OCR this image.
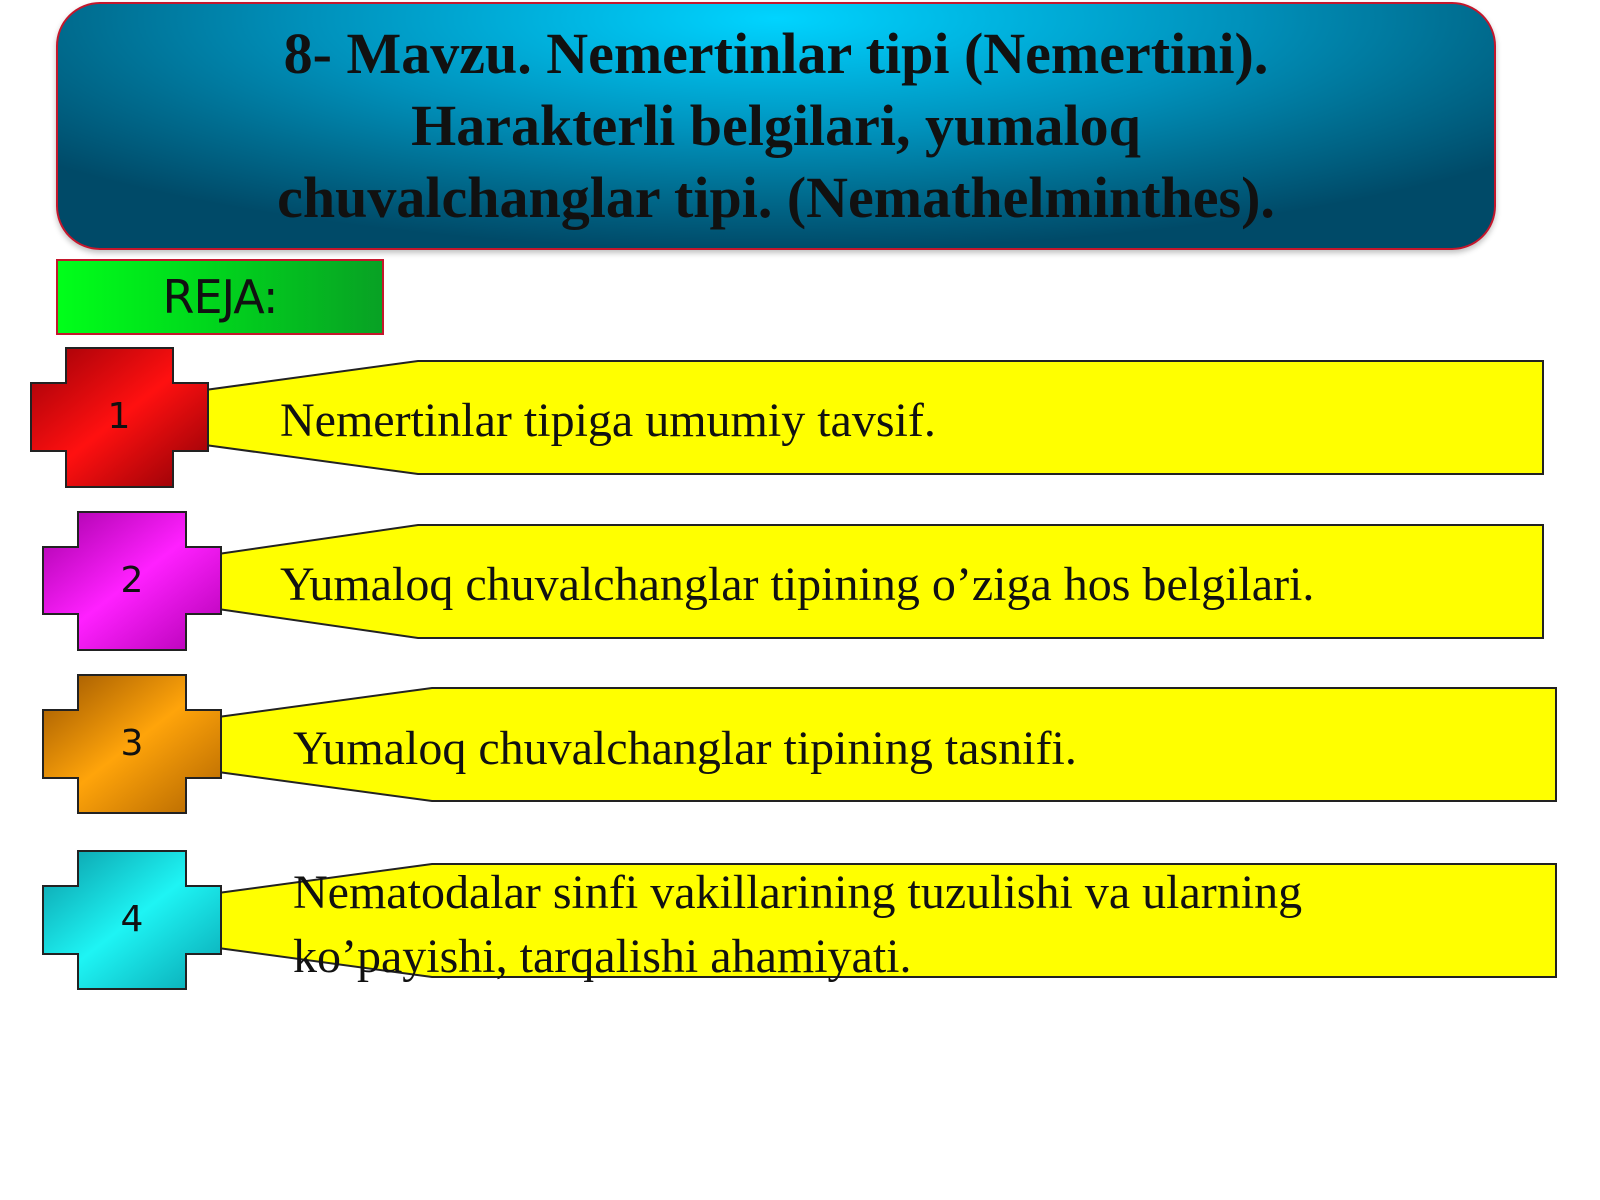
8- Mavzu. Nemertinlar tipi (Nemertini).
Harakterli belgilari, yumaloq
chuvalchanglar tipi. (Nemathelminthes).
REJA:
1
2
3
4
Nemertinlar tipiga umumiy tavsif.
Yumaloq chuvalchanglar tipining o’ziga hos belgilari.
Yumaloq chuvalchanglar tipining tasnifi.
Nematodalar sinfi vakillarining tuzulishi va ularning
ko’payishi, tarqalishi ahamiyati.
